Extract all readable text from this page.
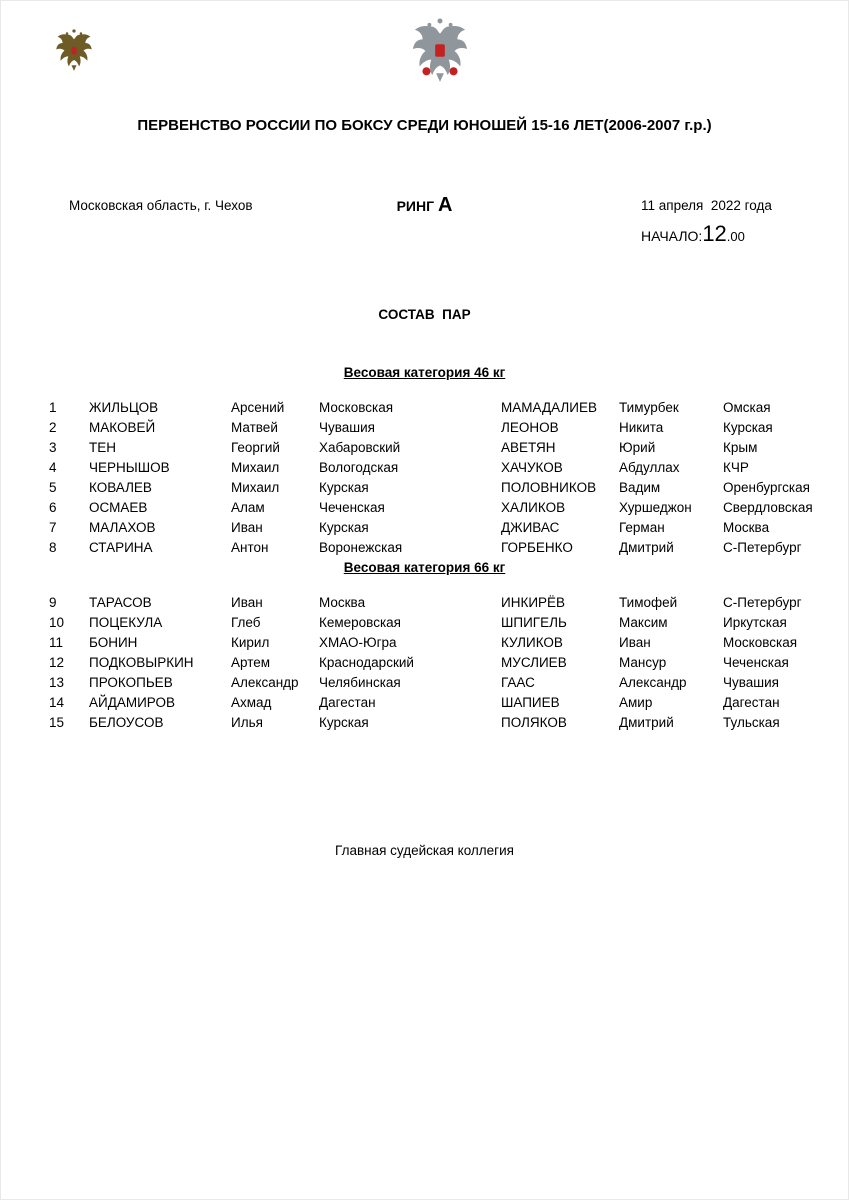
ПЕРВЕНСТВО РОССИИ ПО БОКСУ СРЕДИ ЮНОШЕЙ 15-16 ЛЕТ(2006-2007 г.р.)
Московская область, г. Чехов	РИНГ А	11 апреля  2022 года
НАЧАЛО:12.00
СОСТАВ  ПАР
Весовая категория 46 кг
1	ЖИЛЬЦОВ	Арсений	Московская	МАМАДАЛИЕВ	Тимурбек	Омская
2	МАКОВЕЙ	Матвей	Чувашия	ЛЕОНОВ	Никита	Курская
3	ТЕН	Георгий	Хабаровский	АВЕТЯН	Юрий	Крым
4	ЧЕРНЫШОВ	Михаил	Вологодская	ХАЧУКОВ	Абдуллах	КЧР
5	КОВАЛЕВ	Михаил	Курская	ПОЛОВНИКОВ	Вадим	Оренбургская
6	ОСМАЕВ	Алам	Чеченская	ХАЛИКОВ	Хуршеджон	Свердловская
7	МАЛАХОВ	Иван	Курская	ДЖИВАС	Герман	Москва
8	СТАРИНА	Антон	Воронежская	ГОРБЕНКО	Дмитрий	С-Петербург
Весовая категория 66 кг
9	ТАРАСОВ	Иван	Москва	ИНКИРЁВ	Тимофей	С-Петербург
10	ПОЦЕКУЛА	Глеб	Кемеровская	ШПИГЕЛЬ	Максим	Иркутская
11	БОНИН	Кирил	ХМАО-Югра	КУЛИКОВ	Иван	Московская
12	ПОДКОВЫРКИН	Артем	Краснодарский	МУСЛИЕВ	Мансур	Чеченская
13	ПРОКОПЬЕВ	Александр	Челябинская	ГААС	Александр	Чувашия
14	АЙДАМИРОВ	Ахмад	Дагестан	ШАПИЕВ	Амир	Дагестан
15	БЕЛОУСОВ	Илья	Курская	ПОЛЯКОВ	Дмитрий	Тульская
Главная судейская коллегия
